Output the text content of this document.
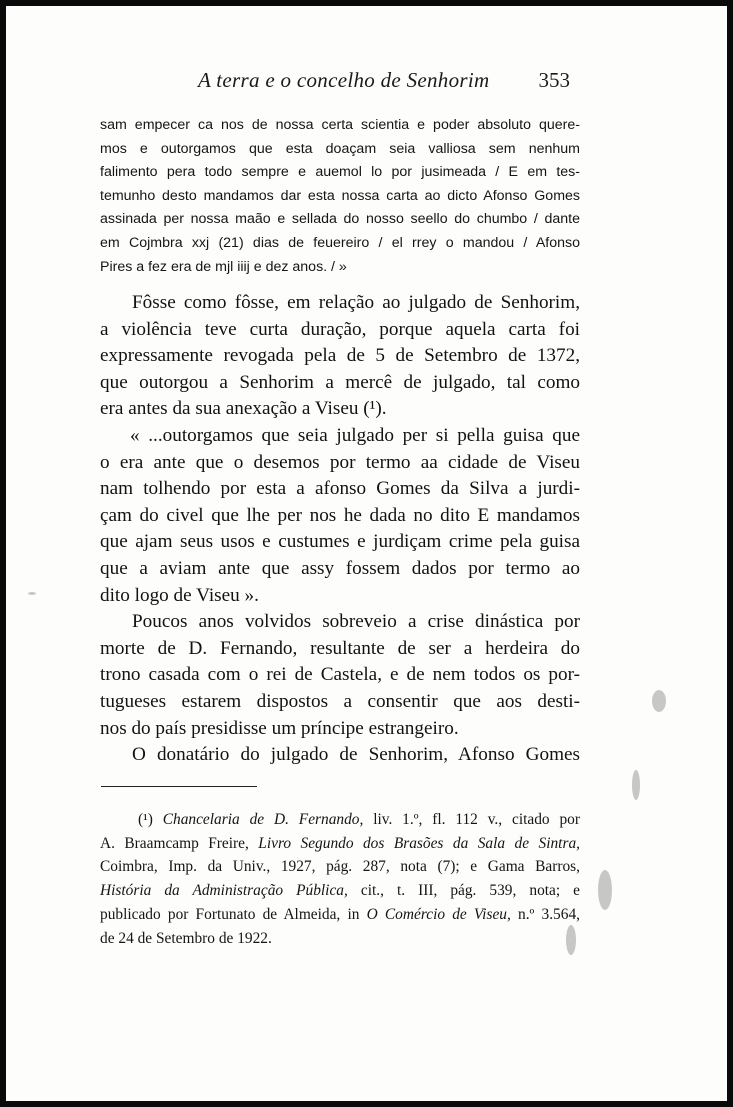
A terra e o concelho de Senhorim 353
sam empecer ca nos de nossa certa scientia e poder absoluto quere-
mos e outorgamos que esta doaçam seia valliosa sem nenhum
falimento pera todo sempre e auemol lo por jusimeada / E em tes-
temunho desto mandamos dar esta nossa carta ao dicto Afonso Gomes
assinada per nossa maão e sellada do nosso seello do chumbo / dante
em Cojmbra xxj (21) dias de feuereiro / el rrey o mandou / Afonso
Pires a fez era de mjl iiij e dez anos. / »
Fôsse como fôsse, em relação ao julgado de Senhorim,
a violência teve curta duração, porque aquela carta foi
expressamente revogada pela de 5 de Setembro de 1372,
que outorgou a Senhorim a mercê de julgado, tal como
era antes da sua anexação a Viseu (¹).
« ...outorgamos que seia julgado per si pella guisa que
o era ante que o desemos por termo aa cidade de Viseu
nam tolhendo por esta a afonso Gomes da Silva a jurdi-
çam do civel que lhe per nos he dada no dito E mandamos
que ajam seus usos e custumes e jurdiçam crime pela guisa
que a aviam ante que assy fossem dados por termo ao
dito logo de Viseu ».
Poucos anos volvidos sobreveio a crise dinástica por
morte de D. Fernando, resultante de ser a herdeira do
trono casada com o rei de Castela, e de nem todos os por-
tugueses estarem dispostos a consentir que aos desti-
nos do país presidisse um príncipe estrangeiro.
O donatário do julgado de Senhorim, Afonso Gomes
(¹) Chancelaria de D. Fernando, liv. 1.º, fl. 112 v., citado por
A. Braamcamp Freire, Livro Segundo dos Brasões da Sala de Sintra,
Coimbra, Imp. da Univ., 1927, pág. 287, nota (7); e Gama Barros,
História da Administração Pública, cit., t. III, pág. 539, nota; e
publicado por Fortunato de Almeida, in O Comércio de Viseu, n.º 3.564,
de 24 de Setembro de 1922.
